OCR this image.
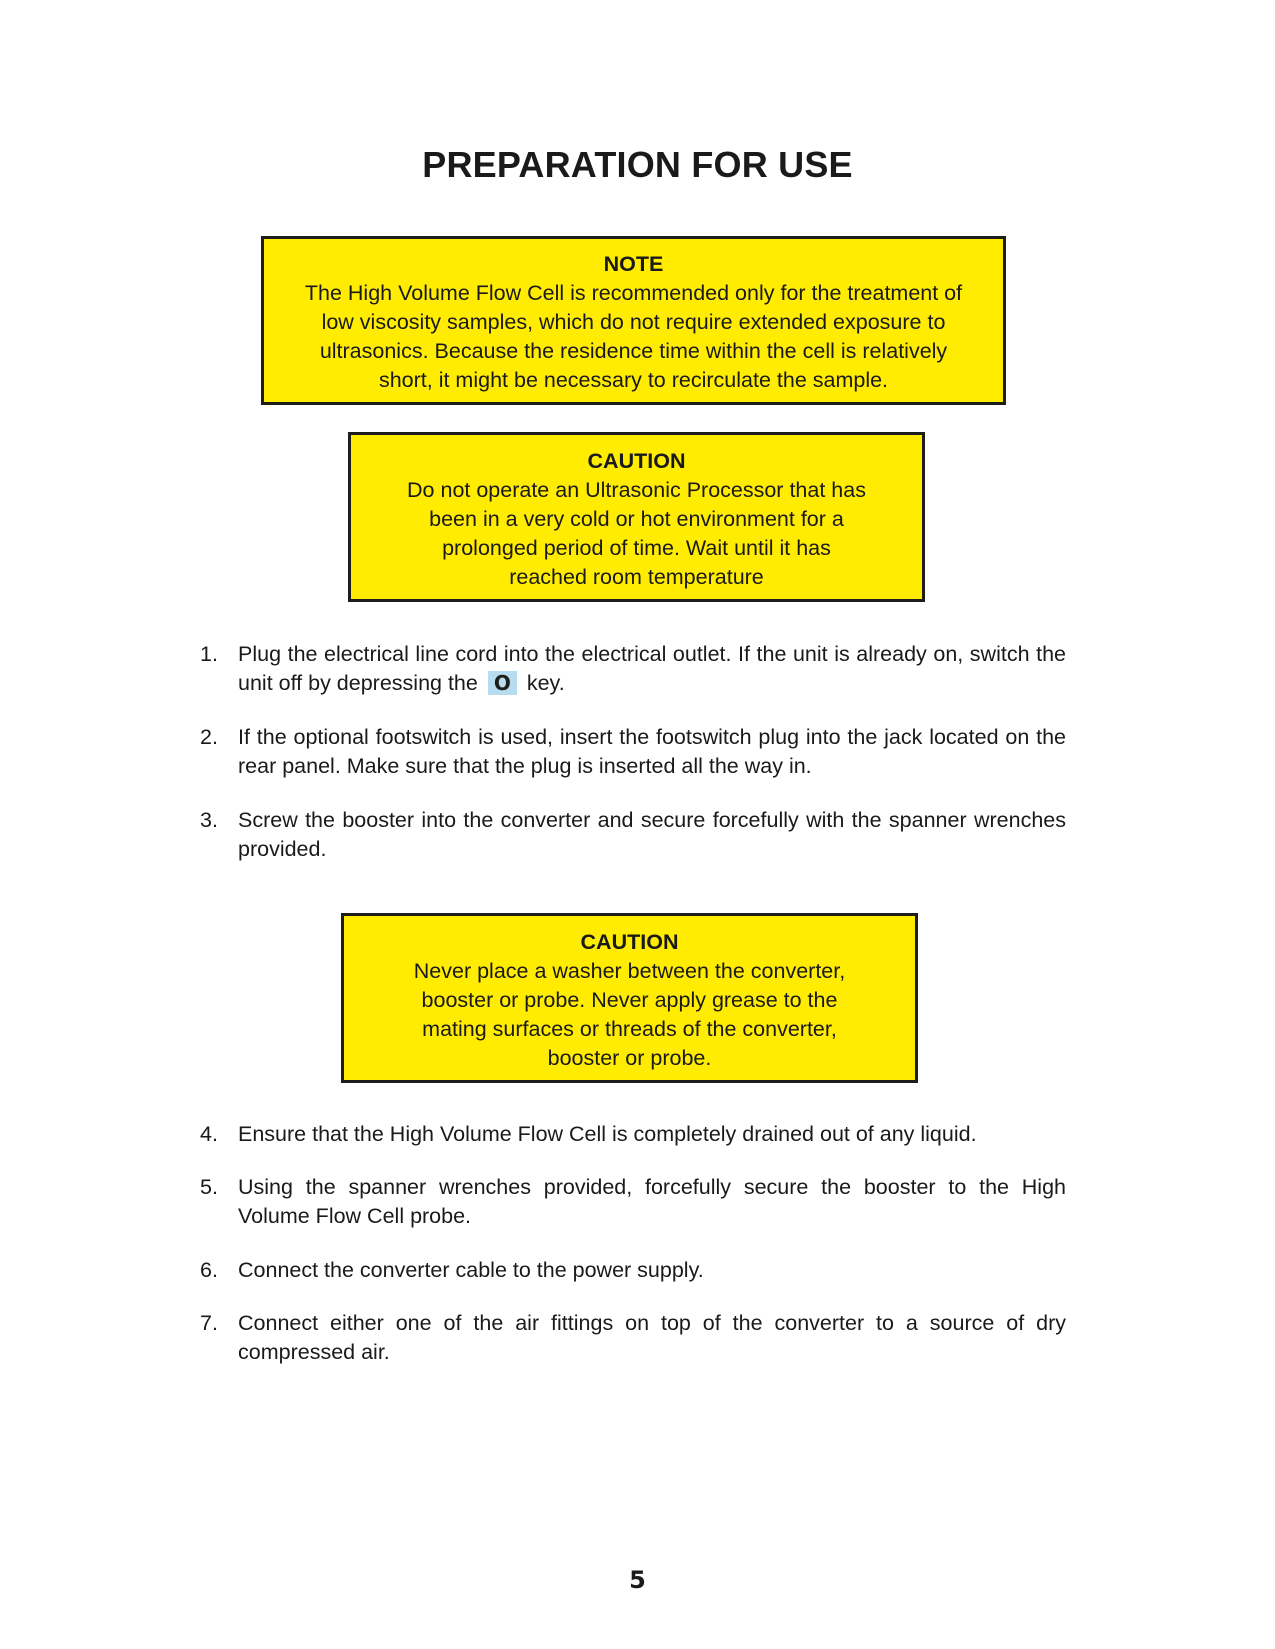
PREPARATION FOR USE
NOTE
The High Volume Flow Cell is recommended only for the treatment of
low viscosity samples, which do not require extended exposure to
ultrasonics. Because the residence time within the cell is relatively
short, it might be necessary to recirculate the sample.
CAUTION
Do not operate an Ultrasonic Processor that has
been in a very cold or hot environment for a
prolonged period of time. Wait until it has
reached room temperature
1. Plug the electrical line cord into the electrical outlet. If the unit is already on, switch the unit off by depressing the O key.
2. If the optional footswitch is used, insert the footswitch plug into the jack located on the rear panel. Make sure that the plug is inserted all the way in.
3. Screw the booster into the converter and secure forcefully with the spanner wrenches provided.
CAUTION
Never place a washer between the converter,
booster or probe. Never apply grease to the
mating surfaces or threads of the converter,
booster or probe.
4. Ensure that the High Volume Flow Cell is completely drained out of any liquid.
5. Using the spanner wrenches provided, forcefully secure the booster to the High Volume Flow Cell probe.
6. Connect the converter cable to the power supply.
7. Connect either one of the air fittings on top of the converter to a source of dry compressed air.
5
